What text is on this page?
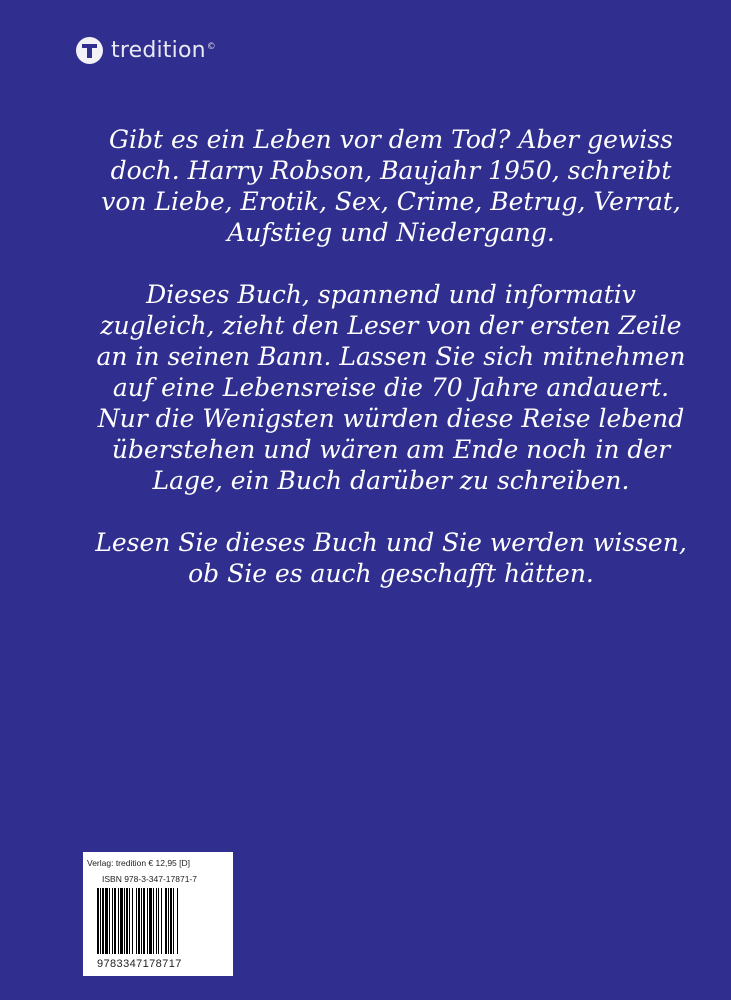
tredition©

Gibt es ein Leben vor dem Tod? Aber gewiss doch. Harry Robson, Baujahr 1950, schreibt von Liebe, Erotik, Sex, Crime, Betrug, Verrat, Aufstieg und Niedergang.

Dieses Buch, spannend und informativ zugleich, zieht den Leser von der ersten Zeile an in seinen Bann. Lassen Sie sich mitnehmen auf eine Lebensreise die 70 Jahre andauert. Nur die Wenigsten würden diese Reise lebend überstehen und wären am Ende noch in der Lage, ein Buch darüber zu schreiben.

Lesen Sie dieses Buch und Sie werden wissen, ob Sie es auch geschafft hätten.

Verlag: tredition € 12,95 [D]
ISBN 978-3-347-17871-7
9783347178717
